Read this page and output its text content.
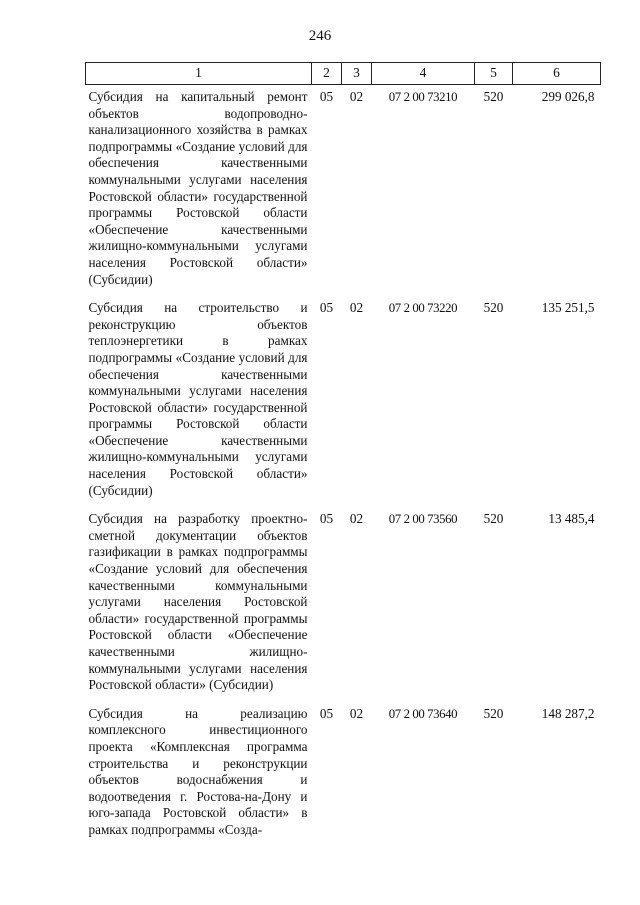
246
1	2	3	4	5	6
Субсидия на капитальный ремонт объектов водопроводно-канализационного хозяйства в рамках подпрограммы «Создание условий для обеспечения качественными коммунальными услугами населения Ростовской области» государственной программы Ростовской области «Обеспечение качественными жилищно-коммунальными услугами населения Ростовской области» (Субсидии)	05	02	07 2 00 73210	520	299 026,8
Субсидия на строительство и реконструкцию объектов теплоэнергетики в рамках подпрограммы «Создание условий для обеспечения качественными коммунальными услугами населения Ростовской области» государственной программы Ростовской области «Обеспечение качественными жилищно-коммунальными услугами населения Ростовской области» (Субсидии)	05	02	07 2 00 73220	520	135 251,5
Субсидия на разработку проектно-сметной документации объектов газификации в рамках подпрограммы «Создание условий для обеспечения качественными коммунальными услугами населения Ростовской области» государственной программы Ростовской области «Обеспечение качественными жилищно-коммунальными услугами населения Ростовской области» (Субсидии)	05	02	07 2 00 73560	520	13 485,4
Субсидия на реализацию комплексного инвестиционного проекта «Комплексная программа строительства и реконструкции объектов водоснабжения и водоотведения г. Ростова-на-Дону и юго-запада Ростовской области» в рамках подпрограммы «Созда-	05	02	07 2 00 73640	520	148 287,2
